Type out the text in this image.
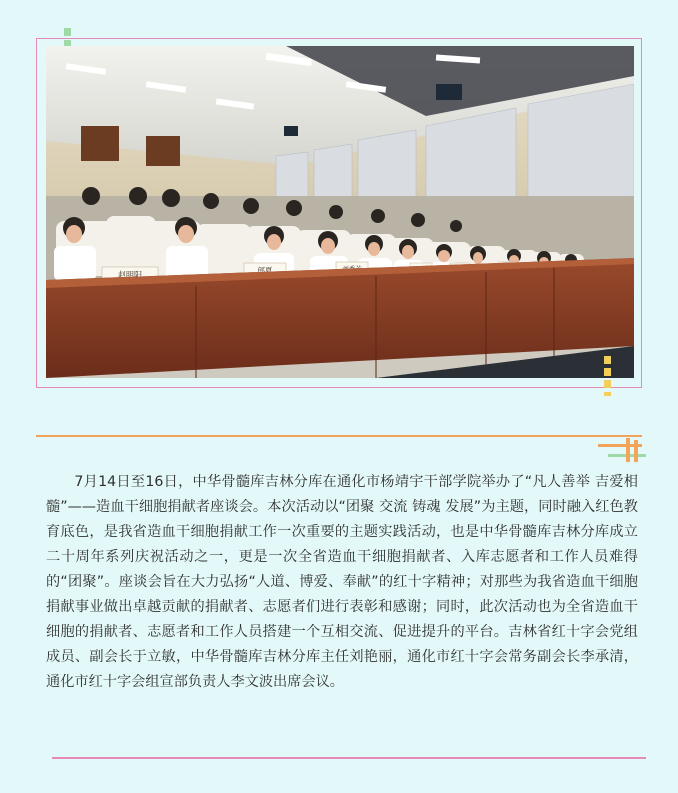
赵明阳	郎夏

7月14日至16日，中华骨髓库吉林分库在通化市杨靖宇干部学院举办了“凡人善举 吉爱相髓”——造血干细胞捐献者座谈会。本次活动以“团聚 交流 铸魂 发展”为主题，同时融入红色教育底色，是我省造血干细胞捐献工作一次重要的主题实践活动，也是中华骨髓库吉林分库成立二十周年系列庆祝活动之一，更是一次全省造血干细胞捐献者、入库志愿者和工作人员难得的“团聚”。座谈会旨在大力弘扬“人道、博爱、奉献”的红十字精神；对那些为我省造血干细胞捐献事业做出卓越贡献的捐献者、志愿者们进行表彰和感谢；同时，此次活动也为全省造血干细胞的捐献者、志愿者和工作人员搭建一个互相交流、促进提升的平台。吉林省红十字会党组成员、副会长于立敏，中华骨髓库吉林分库主任刘艳丽，通化市红十字会常务副会长李承清，通化市红十字会组宣部负责人李文波出席会议。
